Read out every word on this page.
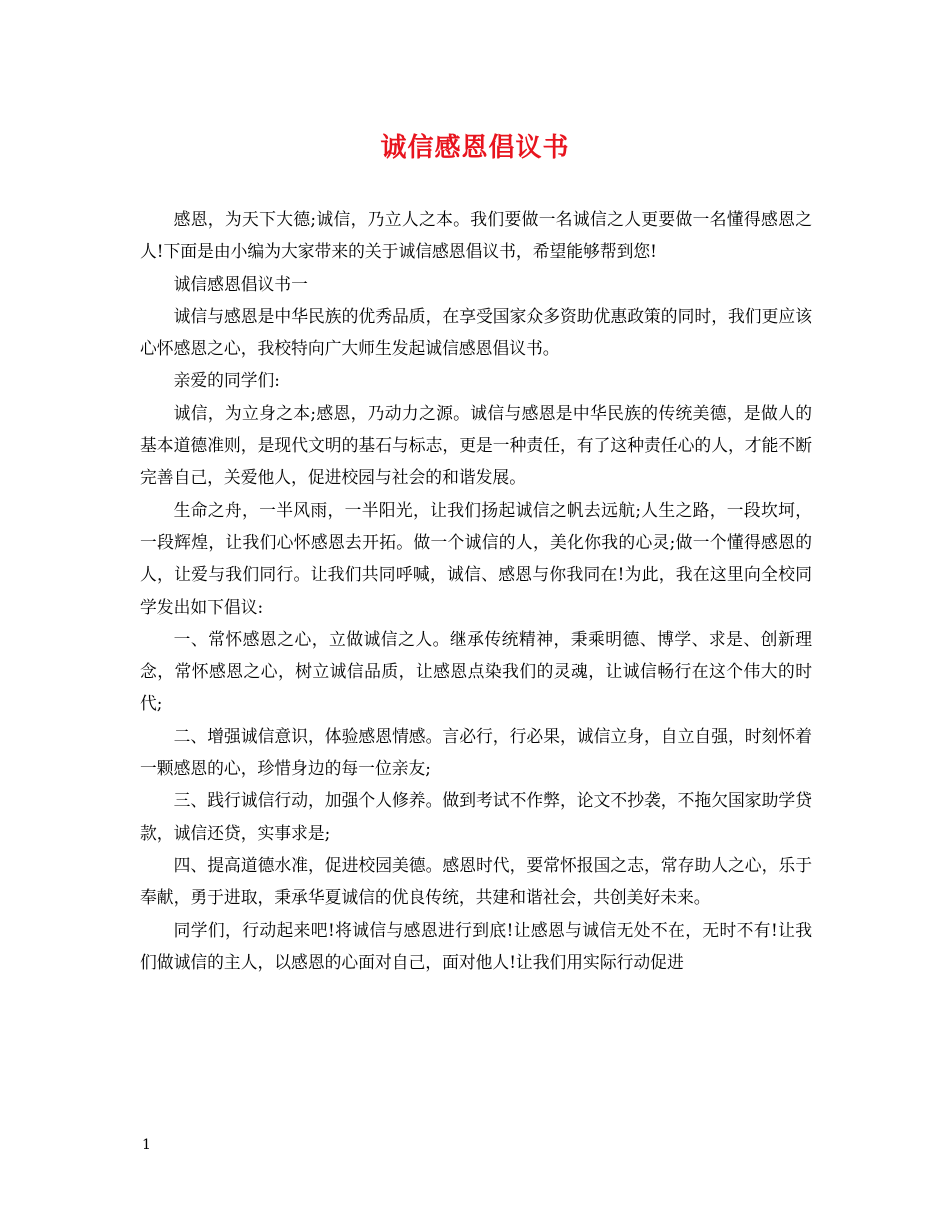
诚信感恩倡议书

感恩，为天下大德;诚信，乃立人之本。我们要做一名诚信之人更要做一名懂得感恩之人!下面是由小编为大家带来的关于诚信感恩倡议书，希望能够帮到您!

诚信感恩倡议书一

诚信与感恩是中华民族的优秀品质，在享受国家众多资助优惠政策的同时，我们更应该心怀感恩之心，我校特向广大师生发起诚信感恩倡议书。

亲爱的同学们:

诚信，为立身之本;感恩，乃动力之源。诚信与感恩是中华民族的传统美德，是做人的基本道德准则，是现代文明的基石与标志，更是一种责任，有了这种责任心的人，才能不断完善自己，关爱他人，促进校园与社会的和谐发展。

生命之舟，一半风雨，一半阳光，让我们扬起诚信之帆去远航;人生之路，一段坎坷，一段辉煌，让我们心怀感恩去开拓。做一个诚信的人，美化你我的心灵;做一个懂得感恩的人，让爱与我们同行。让我们共同呼喊，诚信、感恩与你我同在!为此，我在这里向全校同学发出如下倡议:

一、常怀感恩之心，立做诚信之人。继承传统精神，秉乘明德、博学、求是、创新理念，常怀感恩之心，树立诚信品质，让感恩点染我们的灵魂，让诚信畅行在这个伟大的时代;

二、增强诚信意识，体验感恩情感。言必行，行必果，诚信立身，自立自强，时刻怀着一颗感恩的心，珍惜身边的每一位亲友;

三、践行诚信行动，加强个人修养。做到考试不作弊，论文不抄袭，不拖欠国家助学贷款，诚信还贷，实事求是;

四、提高道德水准，促进校园美德。感恩时代，要常怀报国之志，常存助人之心，乐于奉献，勇于进取，秉承华夏诚信的优良传统，共建和谐社会，共创美好未来。

同学们，行动起来吧!将诚信与感恩进行到底!让感恩与诚信无处不在，无时不有!让我们做诚信的主人，以感恩的心面对自己，面对他人!让我们用实际行动促进

1
